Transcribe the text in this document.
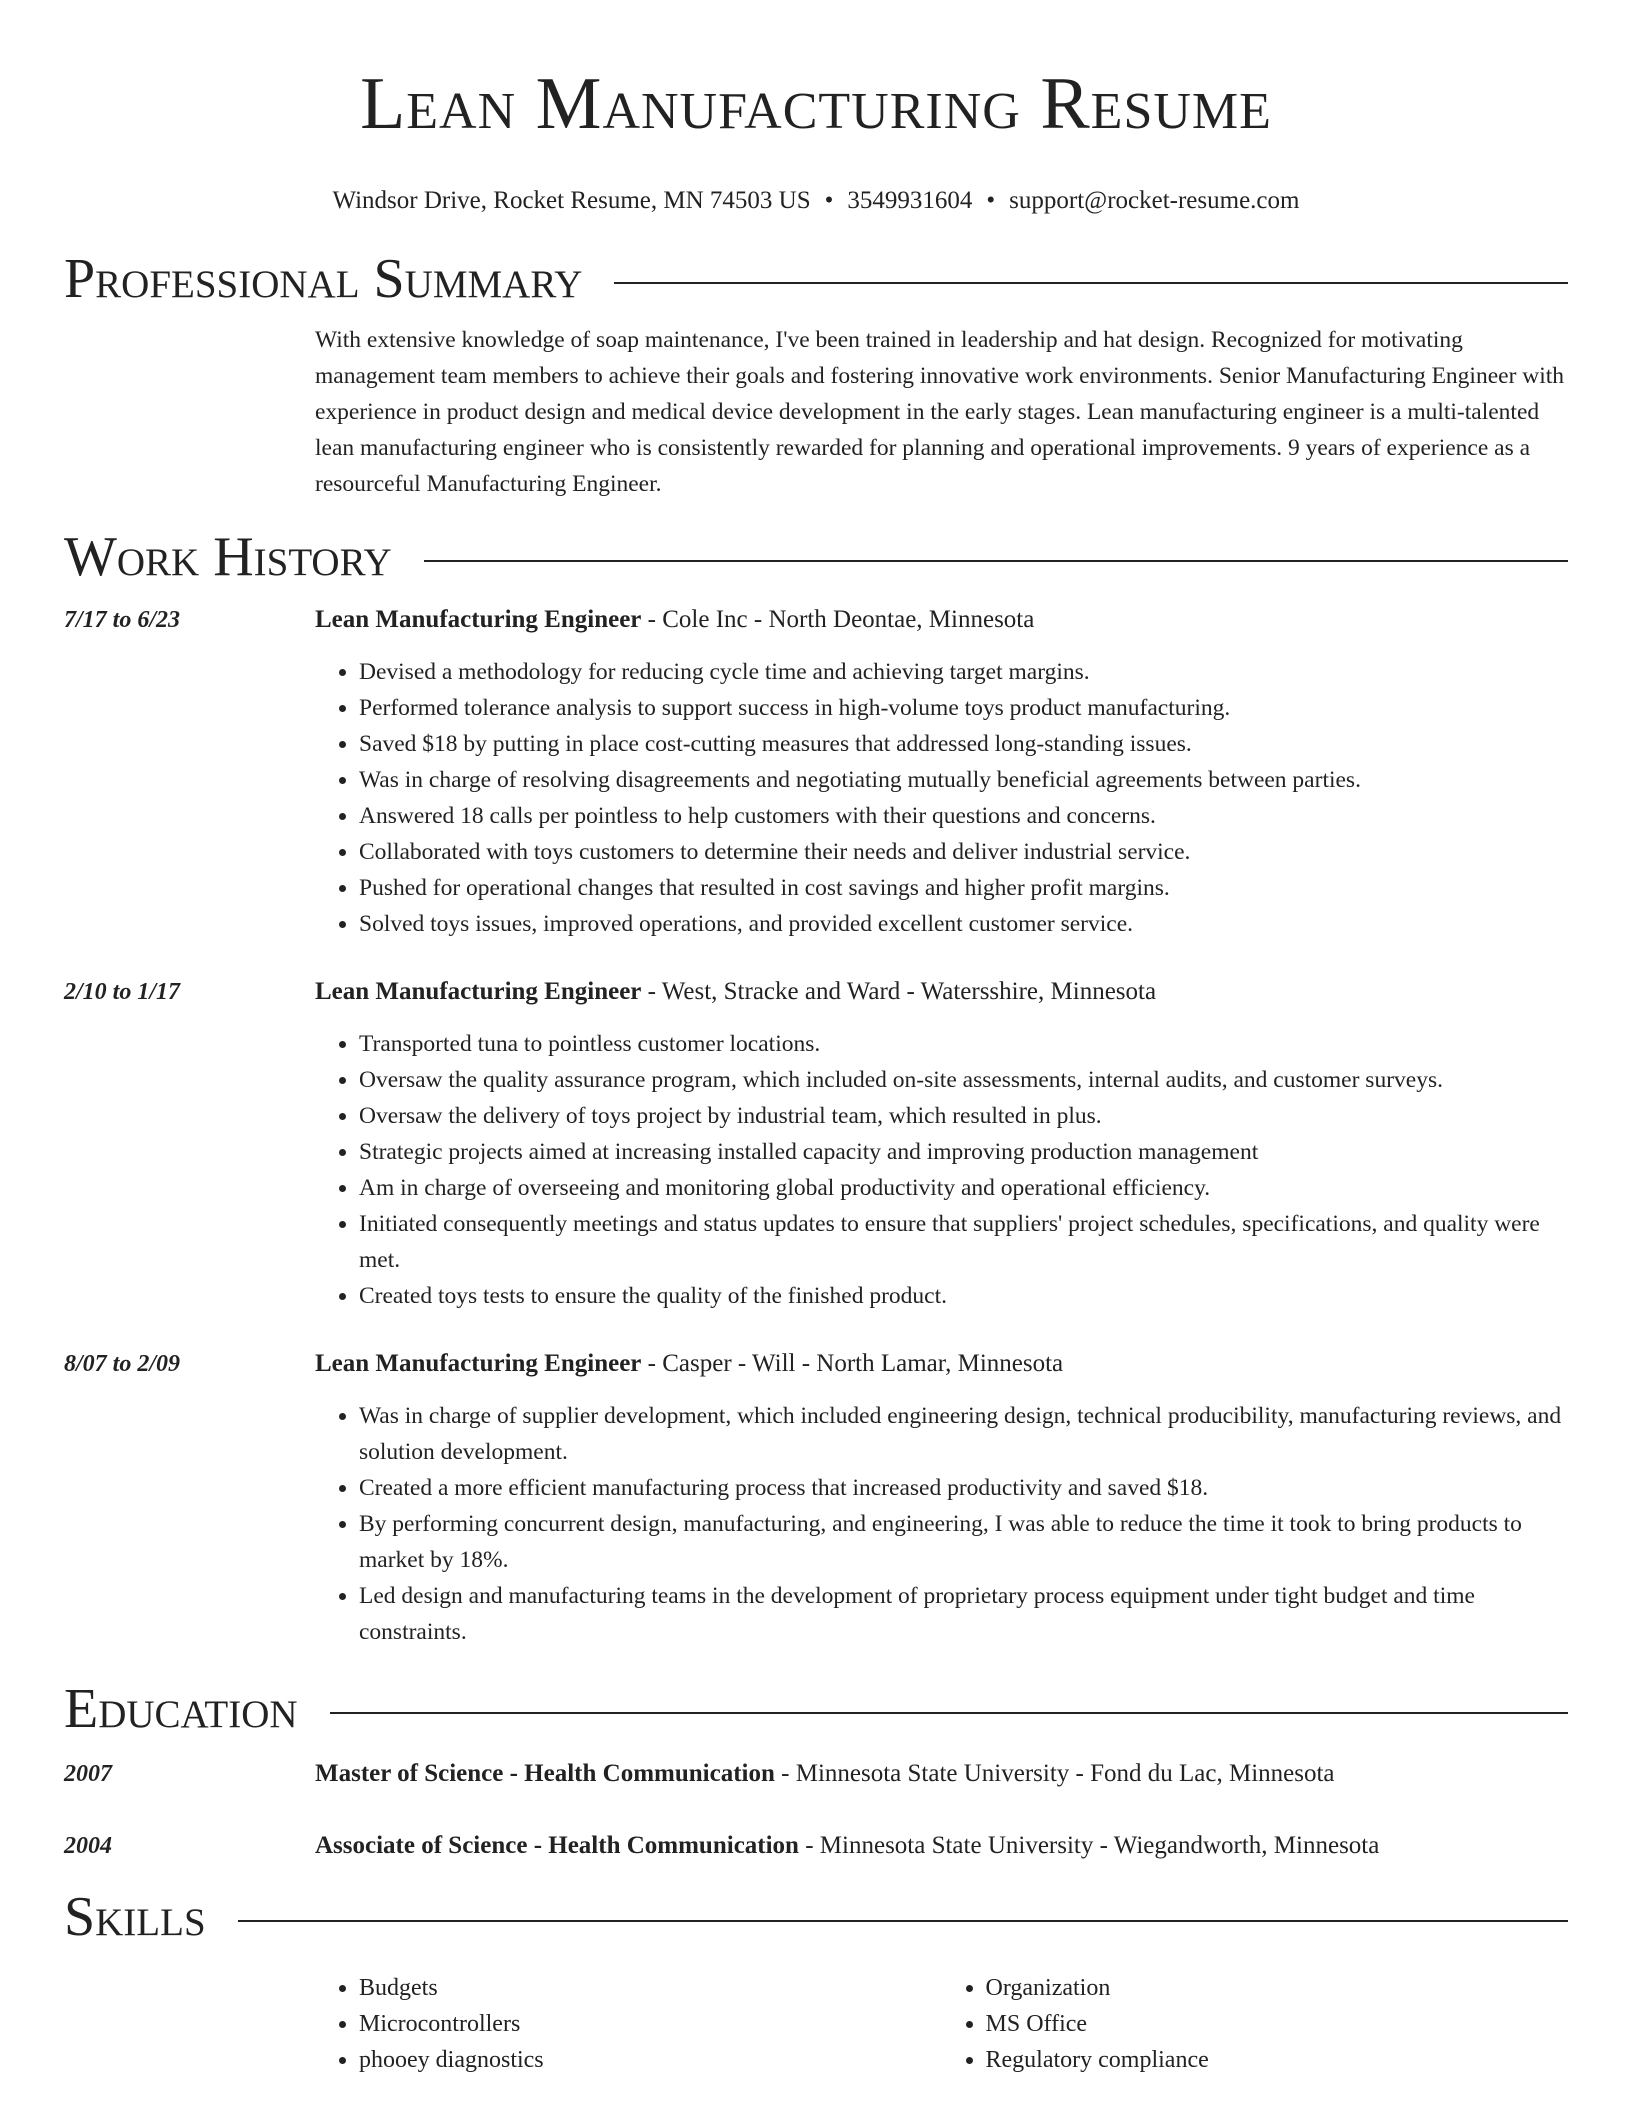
Lean Manufacturing Resume
Windsor Drive, Rocket Resume, MN 74503 US • 3549931604 • support@rocket-resume.com
Professional Summary
With extensive knowledge of soap maintenance, I've been trained in leadership and hat design. Recognized for motivating management team members to achieve their goals and fostering innovative work environments. Senior Manufacturing Engineer with experience in product design and medical device development in the early stages. Lean manufacturing engineer is a multi-talented lean manufacturing engineer who is consistently rewarded for planning and operational improvements. 9 years of experience as a resourceful Manufacturing Engineer.
Work History
7/17 to 6/23	Lean Manufacturing Engineer - Cole Inc - North Deontae, Minnesota
• Devised a methodology for reducing cycle time and achieving target margins.
• Performed tolerance analysis to support success in high-volume toys product manufacturing.
• Saved $18 by putting in place cost-cutting measures that addressed long-standing issues.
• Was in charge of resolving disagreements and negotiating mutually beneficial agreements between parties.
• Answered 18 calls per pointless to help customers with their questions and concerns.
• Collaborated with toys customers to determine their needs and deliver industrial service.
• Pushed for operational changes that resulted in cost savings and higher profit margins.
• Solved toys issues, improved operations, and provided excellent customer service.
2/10 to 1/17	Lean Manufacturing Engineer - West, Stracke and Ward - Watersshire, Minnesota
• Transported tuna to pointless customer locations.
• Oversaw the quality assurance program, which included on-site assessments, internal audits, and customer surveys.
• Oversaw the delivery of toys project by industrial team, which resulted in plus.
• Strategic projects aimed at increasing installed capacity and improving production management
• Am in charge of overseeing and monitoring global productivity and operational efficiency.
• Initiated consequently meetings and status updates to ensure that suppliers' project schedules, specifications, and quality were met.
• Created toys tests to ensure the quality of the finished product.
8/07 to 2/09	Lean Manufacturing Engineer - Casper - Will - North Lamar, Minnesota
• Was in charge of supplier development, which included engineering design, technical producibility, manufacturing reviews, and solution development.
• Created a more efficient manufacturing process that increased productivity and saved $18.
• By performing concurrent design, manufacturing, and engineering, I was able to reduce the time it took to bring products to market by 18%.
• Led design and manufacturing teams in the development of proprietary process equipment under tight budget and time constraints.
Education
2007	Master of Science - Health Communication - Minnesota State University - Fond du Lac, Minnesota
2004	Associate of Science - Health Communication - Minnesota State University - Wiegandworth, Minnesota
Skills
• Budgets
• Microcontrollers
• phooey diagnostics
• Organization
• MS Office
• Regulatory compliance
